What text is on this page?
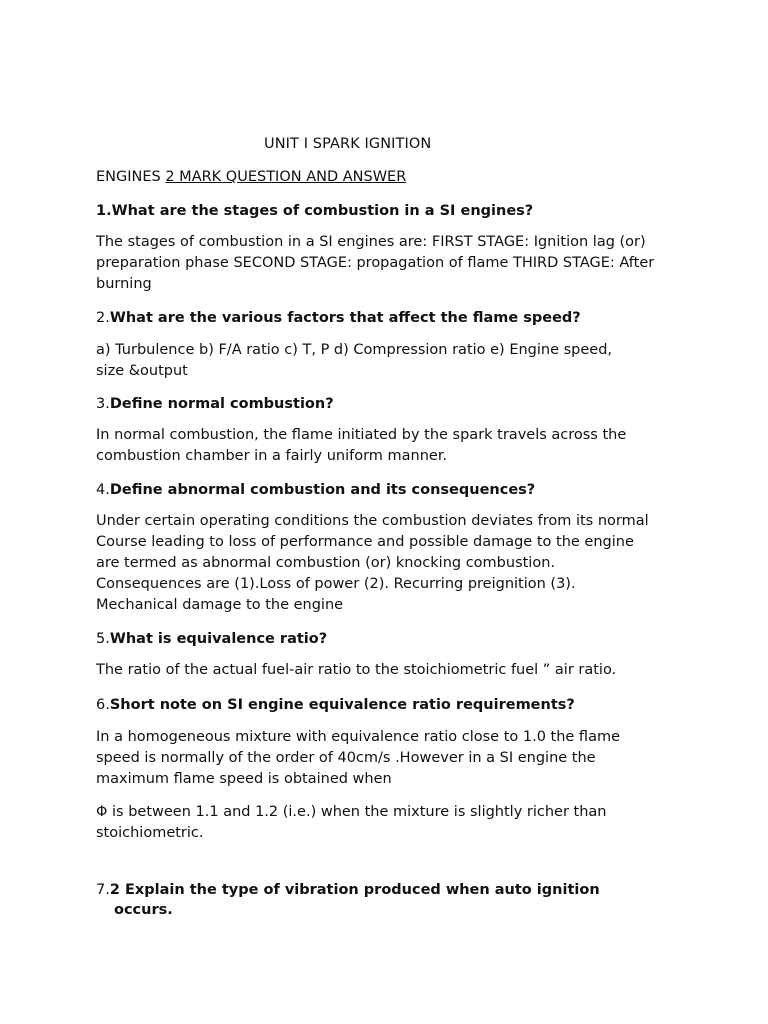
UNIT I SPARK IGNITION
ENGINES 2 MARK QUESTION AND ANSWER
1.What are the stages of combustion in a SI engines?
The stages of combustion in a SI engines are: FIRST STAGE: Ignition lag (or)
preparation phase SECOND STAGE: propagation of flame THIRD STAGE: After
burning
2.What are the various factors that affect the flame speed?
a) Turbulence b) F/A ratio c) T, P d) Compression ratio e) Engine speed,
size &output
3.Define normal combustion?
In normal combustion, the flame initiated by the spark travels across the
combustion chamber in a fairly uniform manner.
4.Define abnormal combustion and its consequences?
Under certain operating conditions the combustion deviates from its normal
Course leading to loss of performance and possible damage to the engine
are termed as abnormal combustion (or) knocking combustion.
Consequences are (1).Loss of power (2). Recurring preignition (3).
Mechanical damage to the engine
5.What is equivalence ratio?
The ratio of the actual fuel-air ratio to the stoichiometric fuel ” air ratio.
6.Short note on SI engine equivalence ratio requirements?
In a homogeneous mixture with equivalence ratio close to 1.0 the flame
speed is normally of the order of 40cm/s .However in a SI engine the
maximum flame speed is obtained when
Φ is between 1.1 and 1.2 (i.e.) when the mixture is slightly richer than
stoichiometric.
7.2 Explain the type of vibration produced when auto ignition
occurs.
